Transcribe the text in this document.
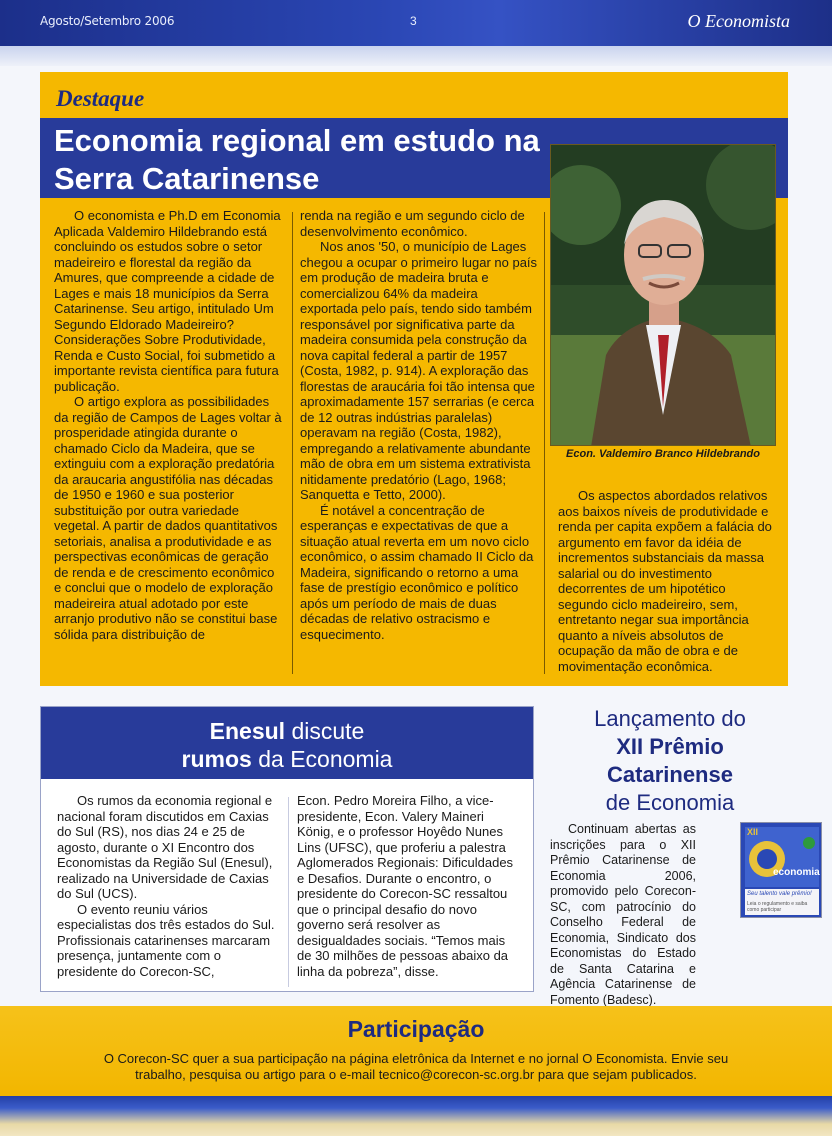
Agosto/Setembro 2006	3	O Economista
Destaque
Economia regional em estudo na Serra Catarinense
Econ. Valdemiro Branco Hildebrando

O economista e Ph.D em Economia Aplicada Valdemiro Hildebrando está concluindo os estudos sobre o setor madeireiro e florestal da região da Amures, que compreende a cidade de Lages e mais 18 municípios da Serra Catarinense. Seu artigo, intitulado Um Segundo Eldorado Madeireiro? Considerações Sobre Produtividade, Renda e Custo Social, foi submetido a importante revista científica para futura publicação.

O artigo explora as possibilidades da região de Campos de Lages voltar à prosperidade atingida durante o chamado Ciclo da Madeira, que se extinguiu com a exploração predatória da araucaria angustifólia nas décadas de 1950 e 1960 e sua posterior substituição por outra variedade vegetal. A partir de dados quantitativos setoriais, analisa a produtividade e as perspectivas econômicas de geração de renda e de crescimento econômico e conclui que o modelo de exploração madeireira atual adotado por este arranjo produtivo não se constitui base sólida para distribuição de

renda na região e um segundo ciclo de desenvolvimento econômico.

Nos anos '50, o município de Lages chegou a ocupar o primeiro lugar no país em produção de madeira bruta e comercializou 64% da madeira exportada pelo país, tendo sido também responsável por significativa parte da madeira consumida pela construção da nova capital federal a partir de 1957 (Costa, 1982, p. 914). A exploração das florestas de araucária foi tão intensa que aproximadamente 157 serrarias (e cerca de 12 outras indústrias paralelas) operavam na região (Costa, 1982), empregando a relativamente abundante mão de obra em um sistema extrativista nitidamente predatório (Lago, 1968; Sanquetta e Tetto, 2000).

É notável a concentração de esperanças e expectativas de que a situação atual reverta em um novo ciclo econômico, o assim chamado II Ciclo da Madeira, significando o retorno a uma fase de prestígio econômico e político após um período de mais de duas décadas de relativo ostracismo e esquecimento.

Os aspectos abordados relativos aos baixos níveis de produtividade e renda per capita expõem a falácia do argumento em favor da idéia de incrementos substanciais da massa salarial ou do investimento decorrentes de um hipotético segundo ciclo madeireiro, sem, entretanto negar sua importância quanto a níveis absolutos de ocupação da mão de obra e de movimentação econômica.

Enesul discute
rumos da Economia

Os rumos da economia regional e nacional foram discutidos em Caxias do Sul (RS), nos dias 24 e 25 de agosto, durante o XI Encontro dos Economistas da Região Sul (Enesul), realizado na Universidade de Caxias do Sul (UCS).

O evento reuniu vários especialistas dos três estados do Sul. Profissionais catarinenses marcaram presença, juntamente com o presidente do Corecon-SC,

Econ. Pedro Moreira Filho, a vice-presidente, Econ. Valery Maineri König, e o professor Hoyêdo Nunes Lins (UFSC), que proferiu a palestra Aglomerados Regionais: Dificuldades e Desafios. Durante o encontro, o presidente do Corecon-SC ressaltou que o principal desafio do novo governo será resolver as desigualdades sociais. “Temos mais de 30 milhões de pessoas abaixo da linha da pobreza”, disse.

Lançamento do
XII Prêmio
Catarinense
de Economia

Continuam abertas as inscrições para o XII Prêmio Catarinense de Economia 2006, promovido pelo Corecon-SC, com patrocínio do Conselho Federal de Economia, Sindicato dos Economistas do Estado de Santa Catarina e Agência Catarinense de Fomento (Badesc).

XII
economia
Seu talento vale prêmio!
Leia o regulamento e saiba como participar
Participação

O Corecon-SC quer a sua participação na página eletrônica da Internet e no jornal O Economista. Envie seu trabalho, pesquisa ou artigo para o e-mail tecnico@corecon-sc.org.br para que sejam publicados.
